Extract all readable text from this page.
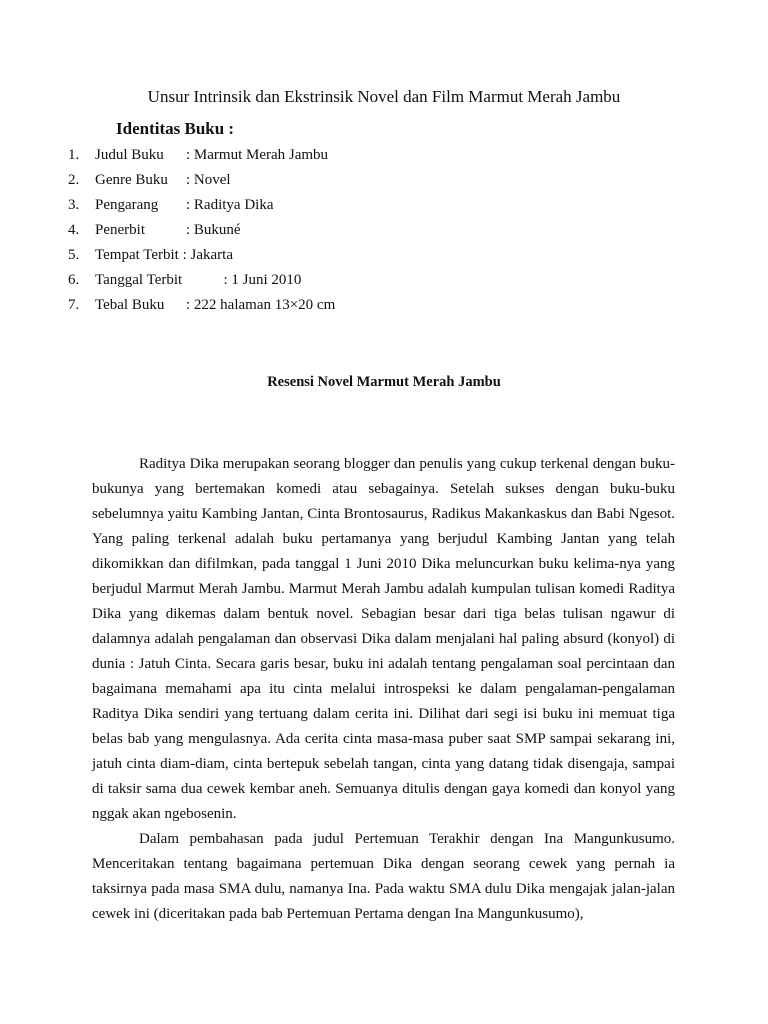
Unsur Intrinsik dan Ekstrinsik Novel dan Film Marmut Merah Jambu
Identitas Buku :
1. Judul Buku : Marmut Merah Jambu
2. Genre Buku : Novel
3. Pengarang : Raditya Dika
4. Penerbit	: Bukuné
5. Tempat Terbit : Jakarta
6. Tanggal Terbit : 1 Juni 2010
7. Tebal Buku : 222 halaman 13×20 cm
Resensi Novel Marmut Merah Jambu

Raditya Dika merupakan seorang blogger dan penulis yang cukup terkenal dengan buku-bukunya yang bertemakan komedi atau sebagainya. Setelah sukses dengan buku-buku sebelumnya yaitu Kambing Jantan, Cinta Brontosaurus, Radikus Makankaskus dan Babi Ngesot. Yang paling terkenal adalah buku pertamanya yang berjudul Kambing Jantan yang telah dikomikkan dan difilmkan, pada tanggal 1 Juni 2010 Dika meluncurkan buku kelima-nya yang berjudul Marmut Merah Jambu. Marmut Merah Jambu adalah kumpulan tulisan komedi Raditya Dika yang dikemas dalam bentuk novel. Sebagian besar dari tiga belas tulisan ngawur di dalamnya adalah pengalaman dan observasi Dika dalam menjalani hal paling absurd (konyol) di dunia : Jatuh Cinta. Secara garis besar, buku ini adalah tentang pengalaman soal percintaan dan bagaimana memahami apa itu cinta melalui introspeksi ke dalam pengalaman-pengalaman Raditya Dika sendiri yang tertuang dalam cerita ini. Dilihat dari segi isi buku ini memuat tiga belas bab yang mengulasnya. Ada cerita cinta masa-masa puber saat SMP sampai sekarang ini, jatuh cinta diam-diam, cinta bertepuk sebelah tangan, cinta yang datang tidak disengaja, sampai di taksir sama dua cewek kembar aneh. Semuanya ditulis dengan gaya komedi dan konyol yang nggak akan ngebosenin.

Dalam pembahasan pada judul Pertemuan Terakhir dengan Ina Mangunkusumo. Menceritakan tentang bagaimana pertemuan Dika dengan seorang cewek yang pernah ia taksirnya pada masa SMA dulu, namanya Ina. Pada waktu SMA dulu Dika mengajak jalan-jalan cewek ini (diceritakan pada bab Pertemuan Pertama dengan Ina Mangunkusumo),
